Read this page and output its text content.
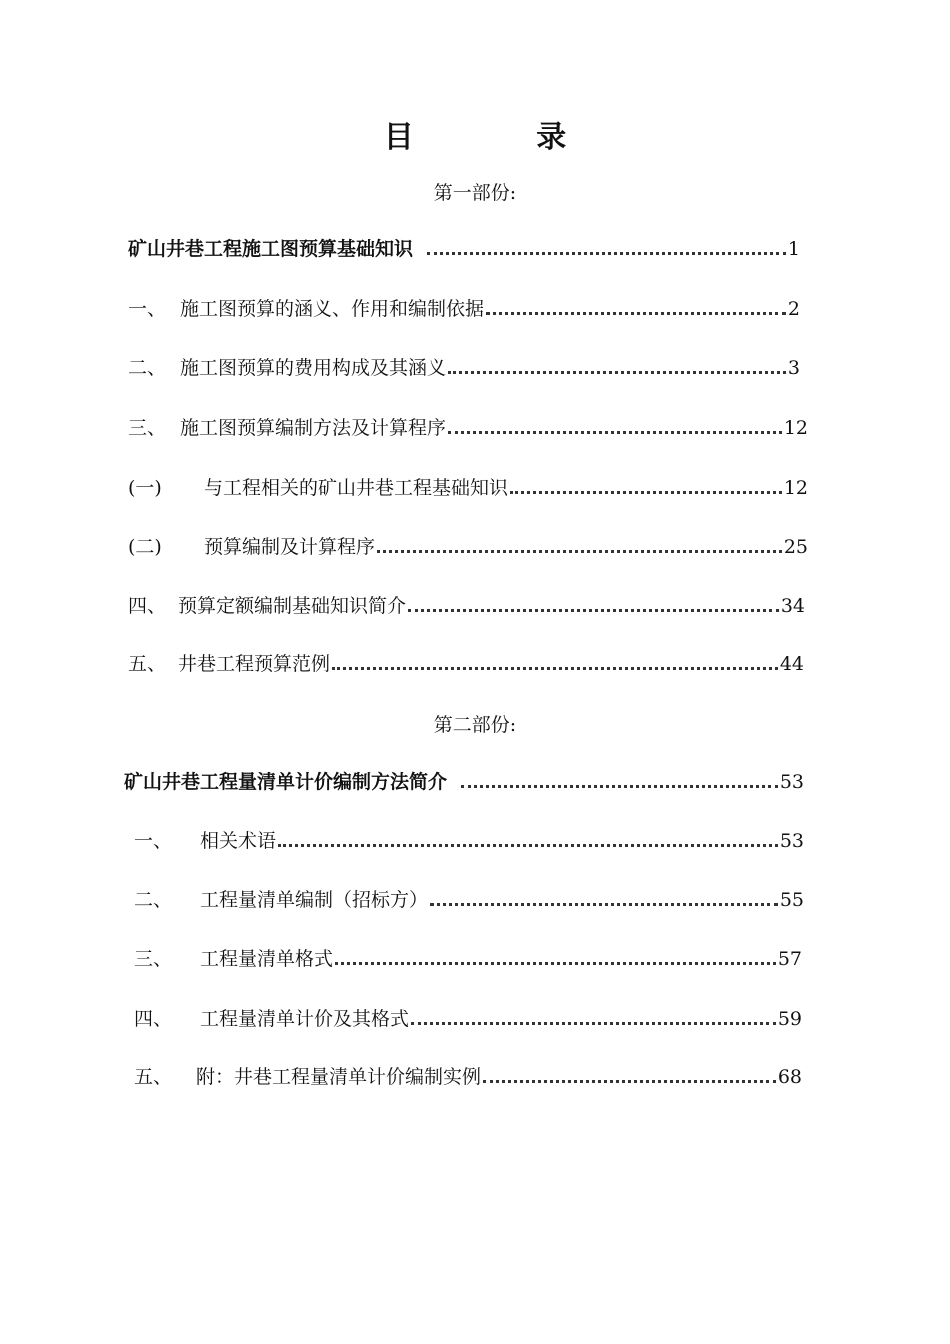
目 录
第一部份:
矿山井巷工程施工图预算基础知识	1
一、 施工图预算的涵义、作用和编制依据	2
二、 施工图预算的费用构成及其涵义	3
三、 施工图预算编制方法及计算程序	12
(一)	与工程相关的矿山井巷工程基础知识	12
(二)	预算编制及计算程序	25
四、 预算定额编制基础知识简介	34
五、 井巷工程预算范例	44
第二部份:
矿山井巷工程量清单计价编制方法简介	53
一、	相关术语	53
二、	工程量清单编制（招标方）	55
三、	工程量清单格式	57
四、	工程量清单计价及其格式	59
五、	附：井巷工程量清单计价编制实例	68
